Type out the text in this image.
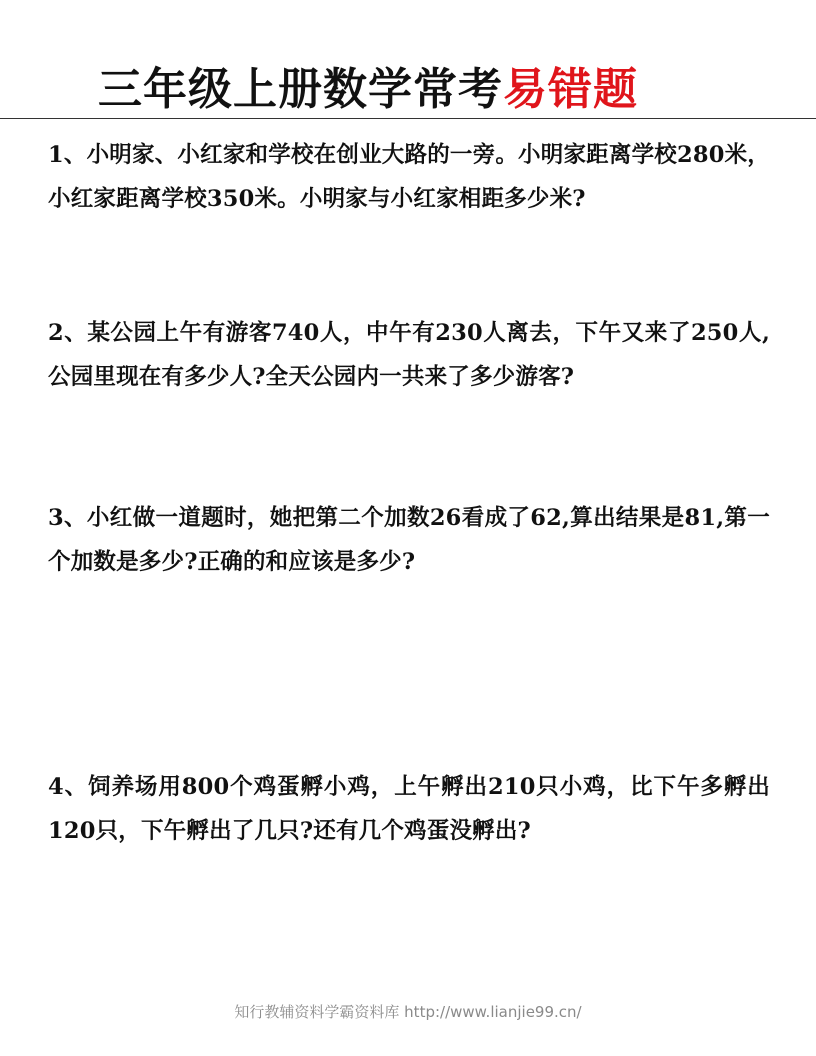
三年级上册数学常考易错题
1、小明家、小红家和学校在创业大路的一旁。小明家距离学校280米，小红家距离学校350米。小明家与小红家相距多少米?
2、某公园上午有游客740人，中午有230人离去，下午又来了250人,公园里现在有多少人?全天公园内一共来了多少游客?
3、小红做一道题时，她把第二个加数26看成了62,算出结果是81,第一个加数是多少?正确的和应该是多少?
4、饲养场用800个鸡蛋孵小鸡，上午孵出210只小鸡，比下午多孵出120只，下午孵出了几只?还有几个鸡蛋没孵出?
知行教辅资料学霸资料库 http://www.lianjie99.cn/
